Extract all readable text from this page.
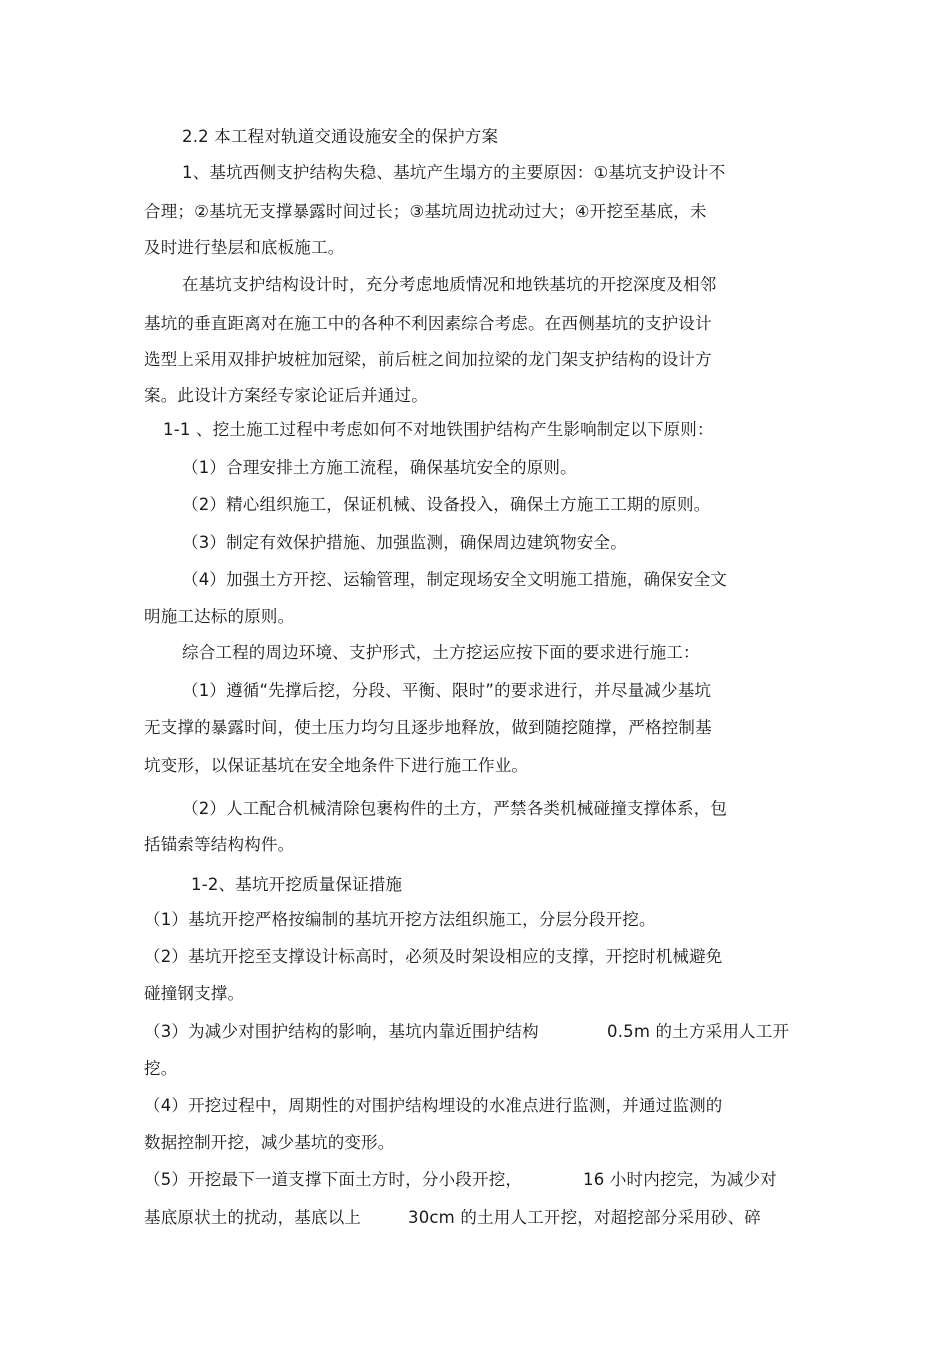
2.2 本工程对轨道交通设施安全的保护方案
1、基坑西侧支护结构失稳、基坑产生塌方的主要原因：①基坑支护设计不
合理；②基坑无支撑暴露时间过长；③基坑周边扰动过大；④开挖至基底，未
及时进行垫层和底板施工。
在基坑支护结构设计时，充分考虑地质情况和地铁基坑的开挖深度及相邻
基坑的垂直距离对在施工中的各种不利因素综合考虑。在西侧基坑的支护设计
选型上采用双排护坡桩加冠梁，前后桩之间加拉梁的龙门架支护结构的设计方
案。此设计方案经专家论证后并通过。
1-1 、挖土施工过程中考虑如何不对地铁围护结构产生影响制定以下原则：
（1）合理安排土方施工流程，确保基坑安全的原则。
（2）精心组织施工，保证机械、设备投入，确保土方施工工期的原则。
（3）制定有效保护措施、加强监测，确保周边建筑物安全。
（4）加强土方开挖、运输管理，制定现场安全文明施工措施，确保安全文
明施工达标的原则。
综合工程的周边环境、支护形式，土方挖运应按下面的要求进行施工：
（1）遵循“先撑后挖，分段、平衡、限时”的要求进行，并尽量减少基坑
无支撑的暴露时间，使土压力均匀且逐步地释放，做到随挖随撑，严格控制基
坑变形，以保证基坑在安全地条件下进行施工作业。
（2）人工配合机械清除包裹构件的土方，严禁各类机械碰撞支撑体系，包
括锚索等结构构件。
1-2、基坑开挖质量保证措施
（1）基坑开挖严格按编制的基坑开挖方法组织施工，分层分段开挖。
（2）基坑开挖至支撑设计标高时，必须及时架设相应的支撑，开挖时机械避免
碰撞钢支撑。
（3）为减少对围护结构的影响，基坑内靠近围护结构	0.5m 的土方采用人工开
挖。
（4）开挖过程中，周期性的对围护结构埋设的水准点进行监测，并通过监测的
数据控制开挖，减少基坑的变形。
（5）开挖最下一道支撑下面土方时，分小段开挖，	16 小时内挖完，为减少对
基底原状土的扰动，基底以上	30cm 的土用人工开挖，对超挖部分采用砂、碎
